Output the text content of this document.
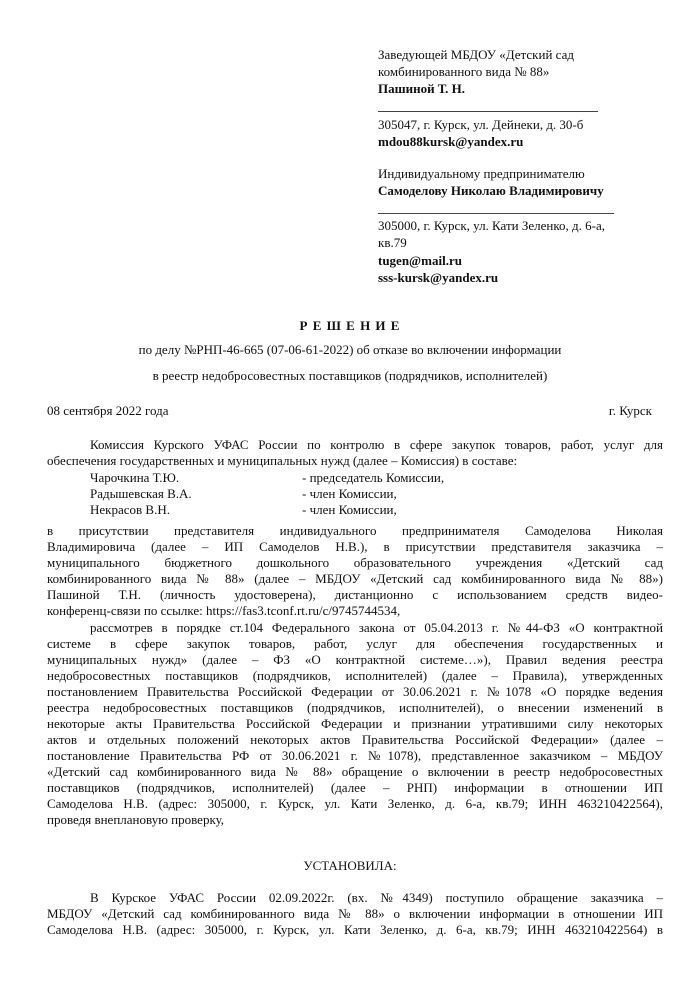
Заведующей МБДОУ «Детский сад
комбинированного вида № 88»
Пашиной Т. Н.
305047, г. Курск, ул. Дейнеки, д. 30-б
mdou88kursk@yandex.ru
Индивидуальному предпринимателю
Самоделову Николаю Владимировичу
305000, г. Курск, ул. Кати Зеленко, д. 6-а,
кв.79
tugen@mail.ru
sss-kursk@yandex.ru
Р Е Ш Е Н И Е
по делу №РНП-46-665 (07-06-61-2022) об отказе во включении информации
в реестр недобросовестных поставщиков (подрядчиков, исполнителей)
08 сентября 2022 года	г. Курск
Комиссия Курского УФАС России по контролю в сфере закупок товаров, работ, услуг для
обеспечения государственных и муниципальных нужд (далее – Комиссия) в составе:
Чарочкина Т.Ю.	- председатель Комиссии,
Радышевская В.А.	- член Комиссии,
Некрасов В.Н.	- член Комиссии,
в присутствии представителя индивидуального предпринимателя Самоделова Николая
Владимировича (далее – ИП Самоделов Н.В.), в присутствии представителя заказчика –
муниципального бюджетного дошкольного образовательного учреждения «Детский сад
комбинированного вида № 88» (далее – МБДОУ «Детский сад комбинированного вида № 88»)
Пашиной Т.Н. (личность удостоверена), дистанционно с использованием средств видео-
конференц-связи по ссылке: https://fas3.tconf.rt.ru/c/9745744534,
рассмотрев в порядке ст.104 Федерального закона от 05.04.2013 г. №44-ФЗ «О контрактной
системе в сфере закупок товаров, работ, услуг для обеспечения государственных и
муниципальных нужд» (далее – ФЗ «О контрактной системе…»), Правил ведения реестра
недобросовестных поставщиков (подрядчиков, исполнителей) (далее – Правила), утвержденных
постановлением Правительства Российской Федерации от 30.06.2021 г. №1078 «О порядке ведения
реестра недобросовестных поставщиков (подрядчиков, исполнителей), о внесении изменений в
некоторые акты Правительства Российской Федерации и признании утратившими силу некоторых
актов и отдельных положений некоторых актов Правительства Российской Федерации» (далее –
постановление Правительства РФ от 30.06.2021 г. №1078), представленное заказчиком – МБДОУ
«Детский сад комбинированного вида № 88» обращение о включении в реестр недобросовестных
поставщиков (подрядчиков, исполнителей) (далее – РНП) информации в отношении ИП
Самоделова Н.В. (адрес: 305000, г. Курск, ул. Кати Зеленко, д. 6-а, кв.79; ИНН 463210422564),
проведя внеплановую проверку,
УСТАНОВИЛА:
В Курское УФАС России 02.09.2022г. (вх. №4349) поступило обращение заказчика –
МБДОУ «Детский сад комбинированного вида № 88» о включении информации в отношении ИП
Самоделова Н.В. (адрес: 305000, г. Курск, ул. Кати Зеленко, д. 6-а, кв.79; ИНН 463210422564) в
